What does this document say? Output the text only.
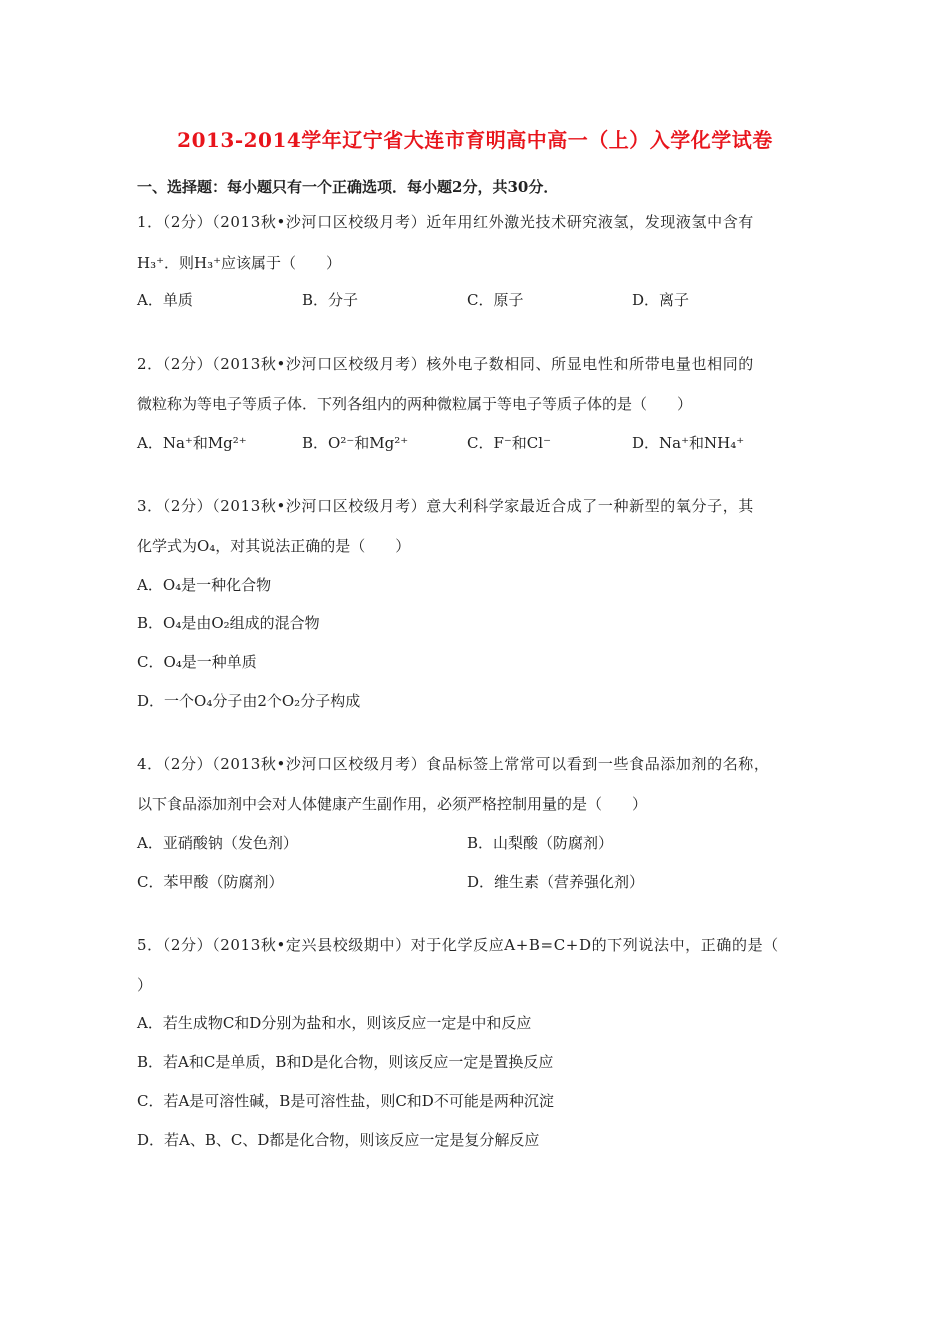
2013-2014学年辽宁省大连市育明高中高一（上）入学化学试卷
一、选择题：每小题只有一个正确选项．每小题2分，共30分．
1．（2分）（2013秋•沙河口区校级月考）近年用红外激光技术研究液氢，发现液氢中含有
H₃⁺．则H₃⁺应该属于（　　）
A．单质	B．分子	C．原子	D．离子
2．（2分）（2013秋•沙河口区校级月考）核外电子数相同、所显电性和所带电量也相同的
微粒称为等电子等质子体．下列各组内的两种微粒属于等电子等质子体的是（　　）
A．Na⁺和Mg²⁺	B．O²⁻和Mg²⁺	C．F⁻和Cl⁻	D．Na⁺和NH₄⁺
3．（2分）（2013秋•沙河口区校级月考）意大利科学家最近合成了一种新型的氧分子，其
化学式为O₄，对其说法正确的是（　　）
A．O₄是一种化合物
B．O₄是由O₂组成的混合物
C．O₄是一种单质
D．一个O₄分子由2个O₂分子构成
4．（2分）（2013秋•沙河口区校级月考）食品标签上常常可以看到一些食品添加剂的名称，
以下食品添加剂中会对人体健康产生副作用，必须严格控制用量的是（　　）
A．亚硝酸钠（发色剂）	B．山梨酸（防腐剂）
C．苯甲酸（防腐剂）	D．维生素（营养强化剂）
5．（2分）（2013秋•定兴县校级期中）对于化学反应A+B=C+D的下列说法中，正确的是（
）
A．若生成物C和D分别为盐和水，则该反应一定是中和反应
B．若A和C是单质，B和D是化合物，则该反应一定是置换反应
C．若A是可溶性碱，B是可溶性盐，则C和D不可能是两种沉淀
D．若A、B、C、D都是化合物，则该反应一定是复分解反应
